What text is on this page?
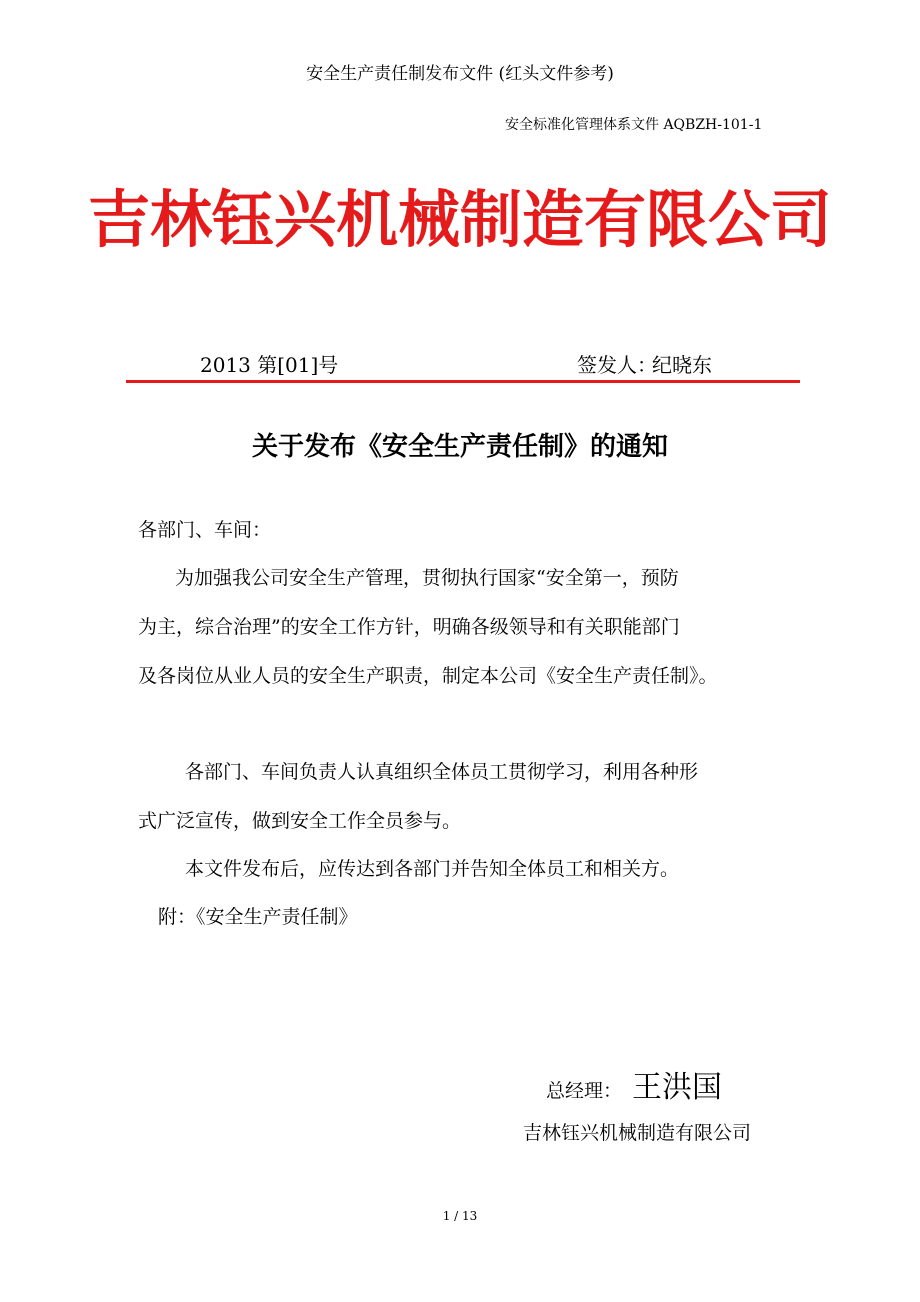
安全生产责任制发布文件 (红头文件参考)
安全标准化管理体系文件 AQBZH-101-1
吉林钰兴机械制造有限公司
2013 第[01]号	签发人：
纪晓东
关于发布《安全生产责任制》的通知
各部门、车间：
为加强我公司安全生产管理，贯彻执行国家“安全第一，预防
为主，综合治理”的安全工作方针，明确各级领导和有关职能部门
及各岗位从业人员的安全生产职责，制定本公司《安全生产责任制》。
各部门、车间负责人认真组织全体员工贯彻学习，利用各种形
式广泛宣传，做到安全工作全员参与。
本文件发布后，应传达到各部门并告知全体员工和相关方。
附：《安全生产责任制》
总经理： 王洪国
吉林钰兴机械制造有限公司
1 / 13
